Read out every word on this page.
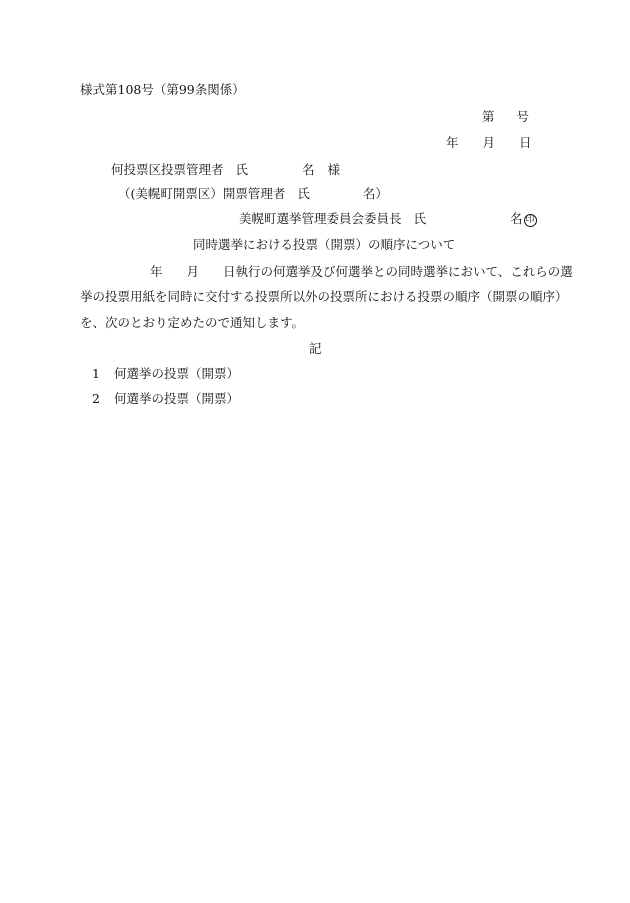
様式第108号（第99条関係）
第 号
年 月 日
何投票区投票管理者 氏	名 様
（(美幌町開票区）開票管理者 氏	名）
美幌町選挙管理委員会委員長 氏	名 印
同時選挙における投票（開票）の順序について
年 月 日執行の何選挙及び何選挙との同時選挙において、これらの選
挙の投票用紙を同時に交付する投票所以外の投票所における投票の順序（開票の順序）
を、次のとおり定めたので通知します。
記
1 何選挙の投票（開票）
2 何選挙の投票（開票）
